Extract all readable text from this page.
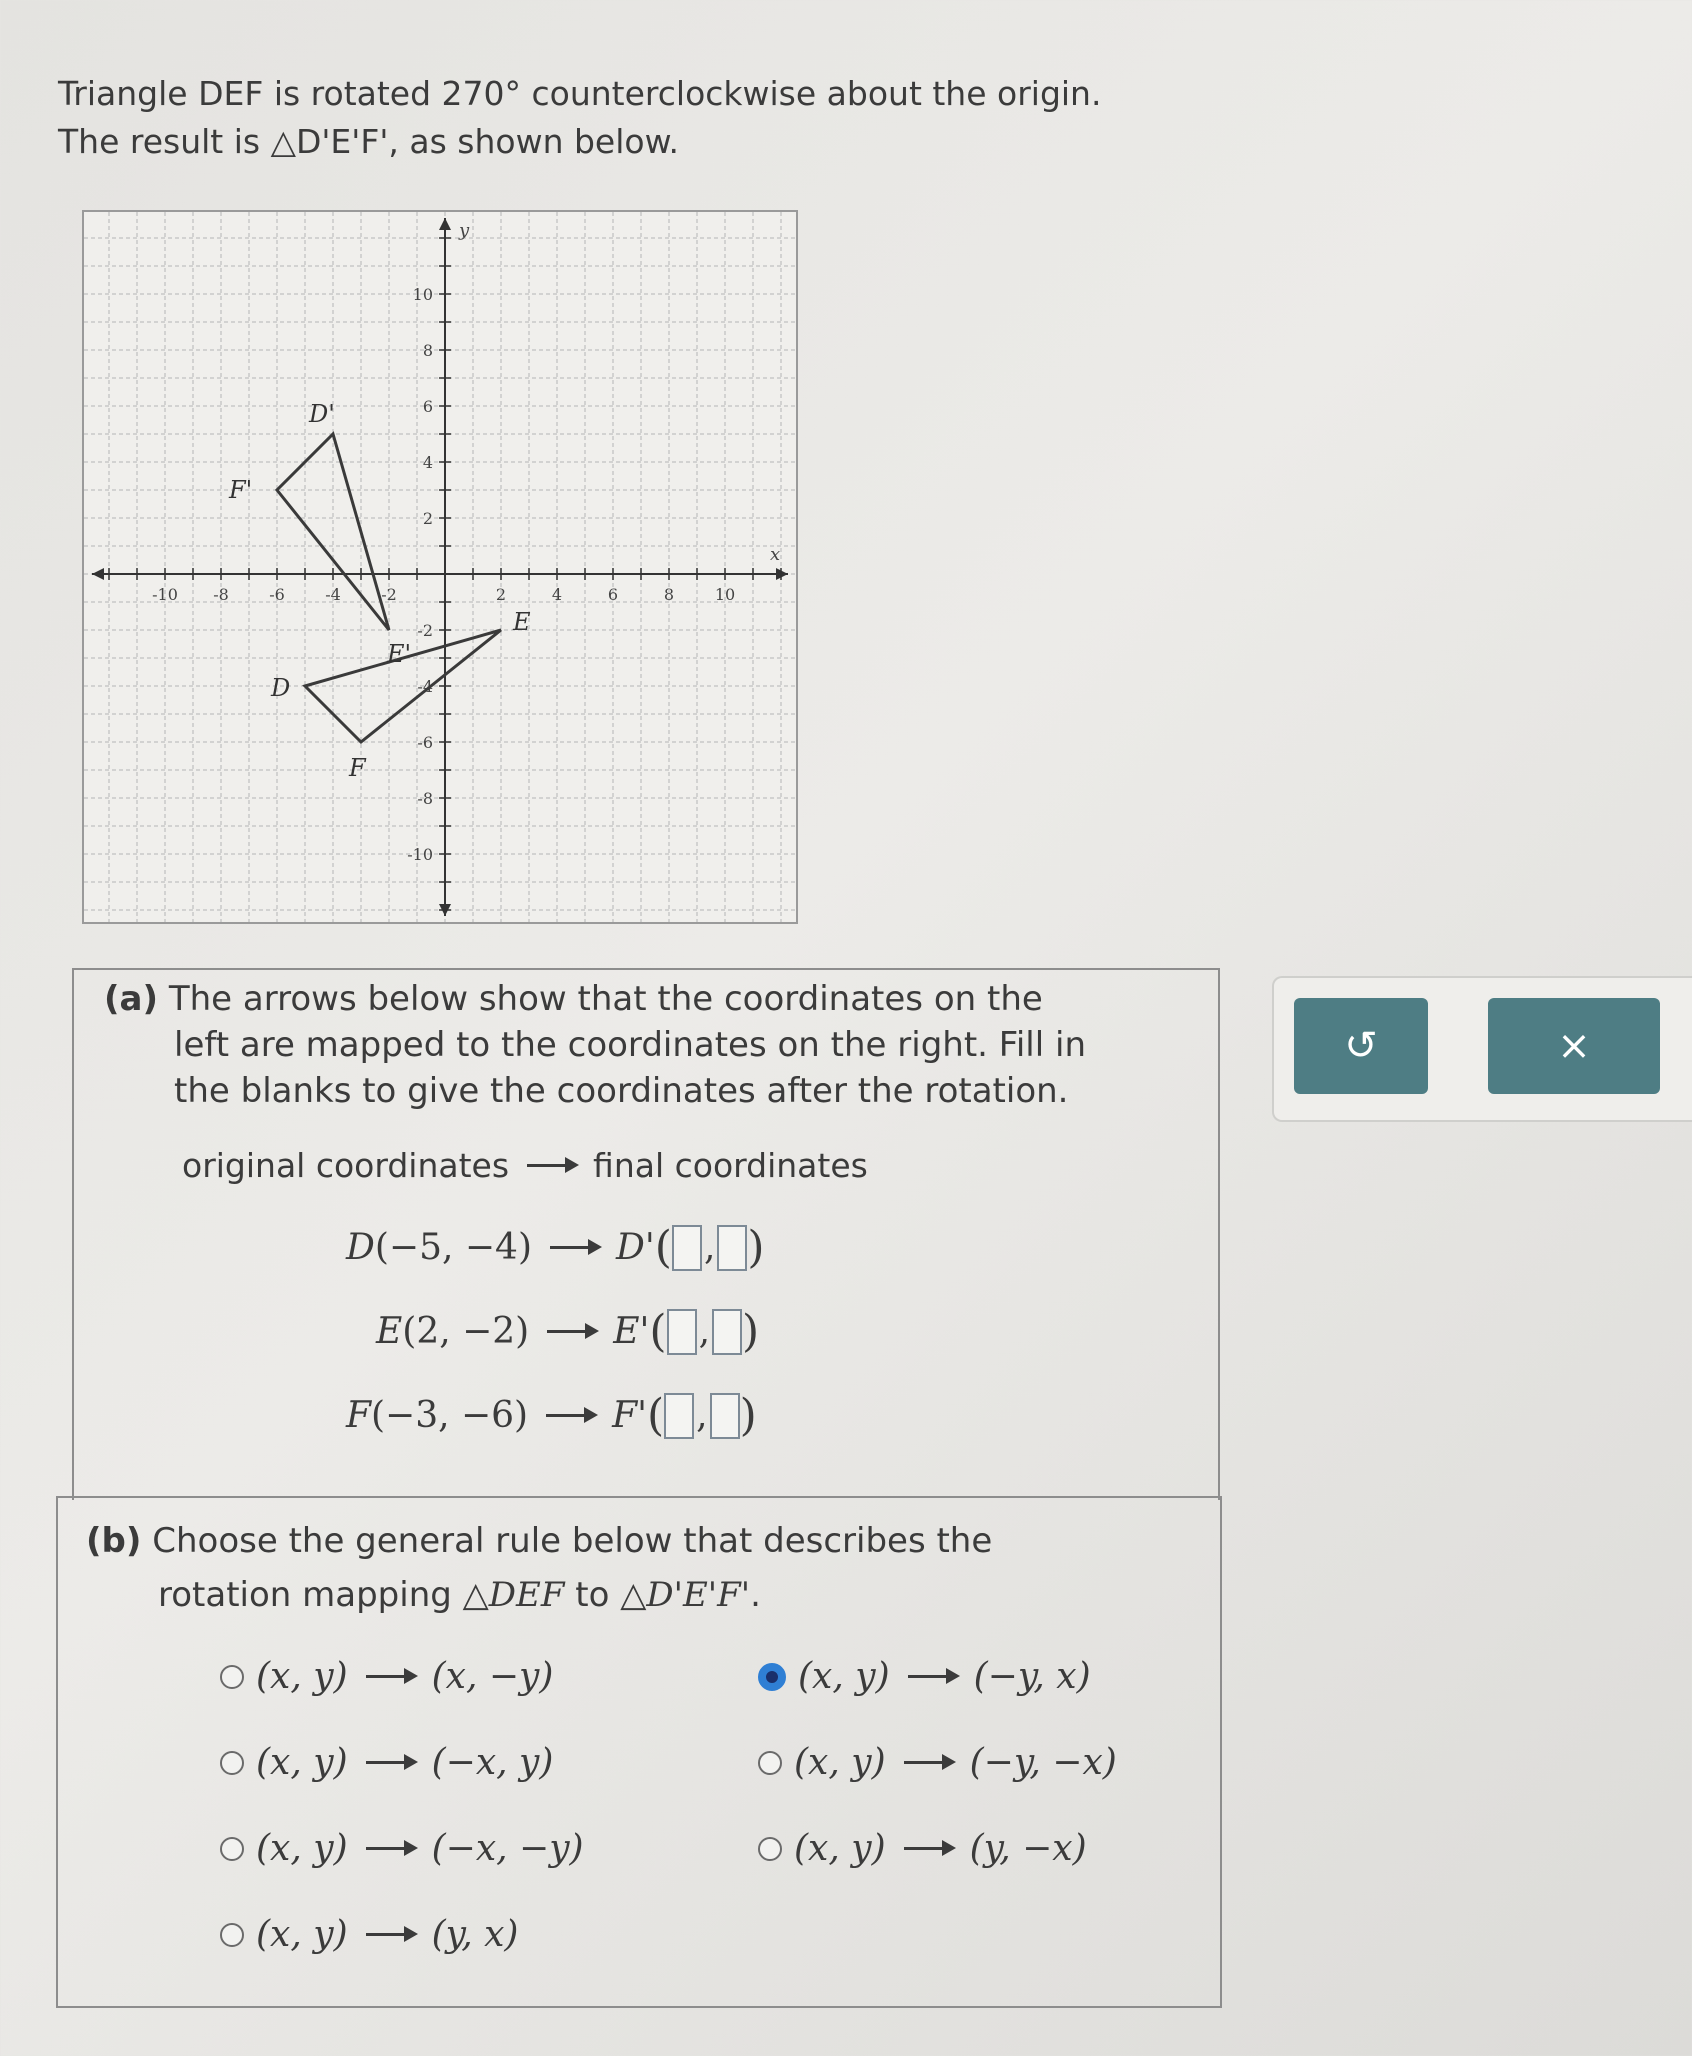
Triangle DEF is rotated 270° counterclockwise about the origin.
The result is △D'E'F', as shown below.
-10 -8	-6	-4	-2	2	4	6	8	10
10
8
6
4
2
-2
-4
-6
-8
-10
x
y
D
E
F
D'
E'
F'
(a) The arrows below show that the coordinates on the
left are mapped to the coordinates on the right. Fill in
the blanks to give the coordinates after the rotation.
original coordinates	final coordinates
D (−5, −4) D' ( , )
E (2, −2) E' ( , )
F (−3, −6) F' ( , )
(b) Choose the general rule below that describes the
rotation mapping △DEF to △D'E'F'.
(x, y) (x, −y)	(x, y) (−y, x)
(x, y) (−x, y)	(x, y) (−y, −x)
(x, y) (−x, −y)	(x, y) (y, −x)
(x, y) (y, x)
↺	×
